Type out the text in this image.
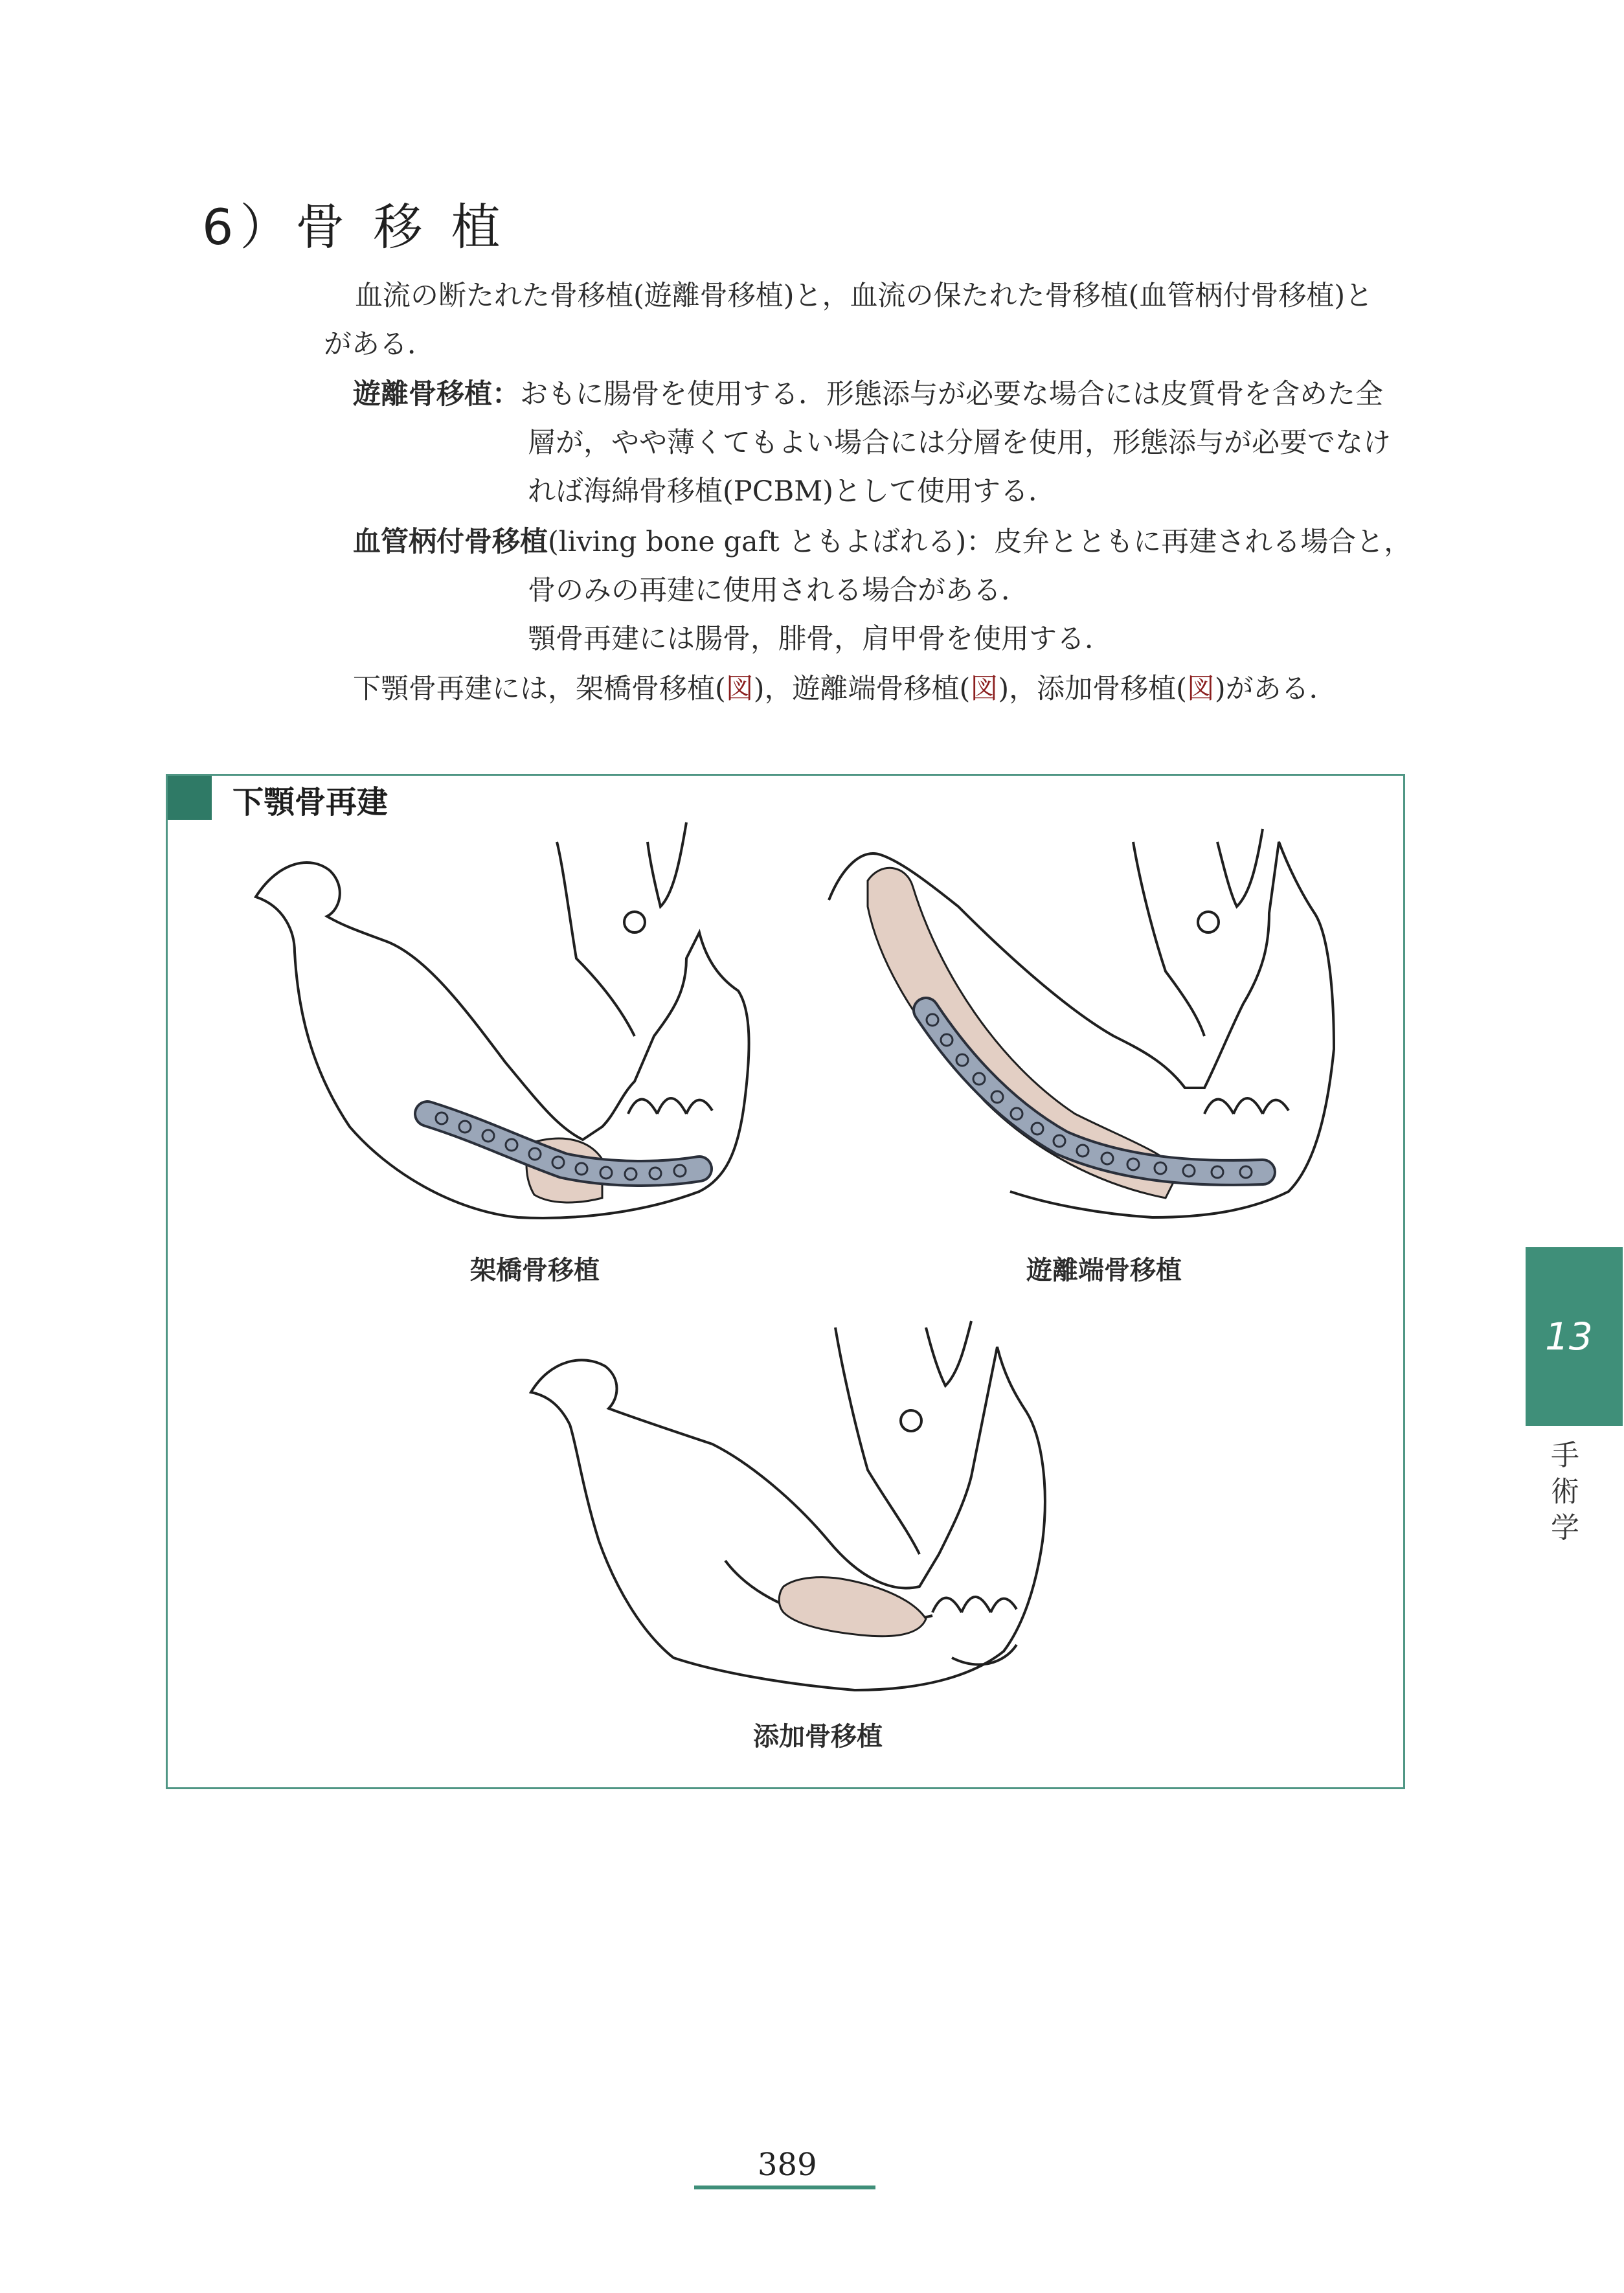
6）骨 移 植
血流の断たれた骨移植(遊離骨移植)と，血流の保たれた骨移植(血管柄付骨移植)と
がある．
遊離骨移植：おもに腸骨を使用する．形態添与が必要な場合には皮質骨を含めた全
層が，やや薄くてもよい場合には分層を使用，形態添与が必要でなけ
れば海綿骨移植(PCBM)として使用する．
血管柄付骨移植(living bone gaft ともよばれる)：皮弁とともに再建される場合と，
骨のみの再建に使用される場合がある．
顎骨再建には腸骨，腓骨，肩甲骨を使用する．
下顎骨再建には，架橋骨移植(図)，遊離端骨移植(図)，添加骨移植(図)がある．
下顎骨再建
架橋骨移植	遊離端骨移植
添加骨移植
13
手術学
389
